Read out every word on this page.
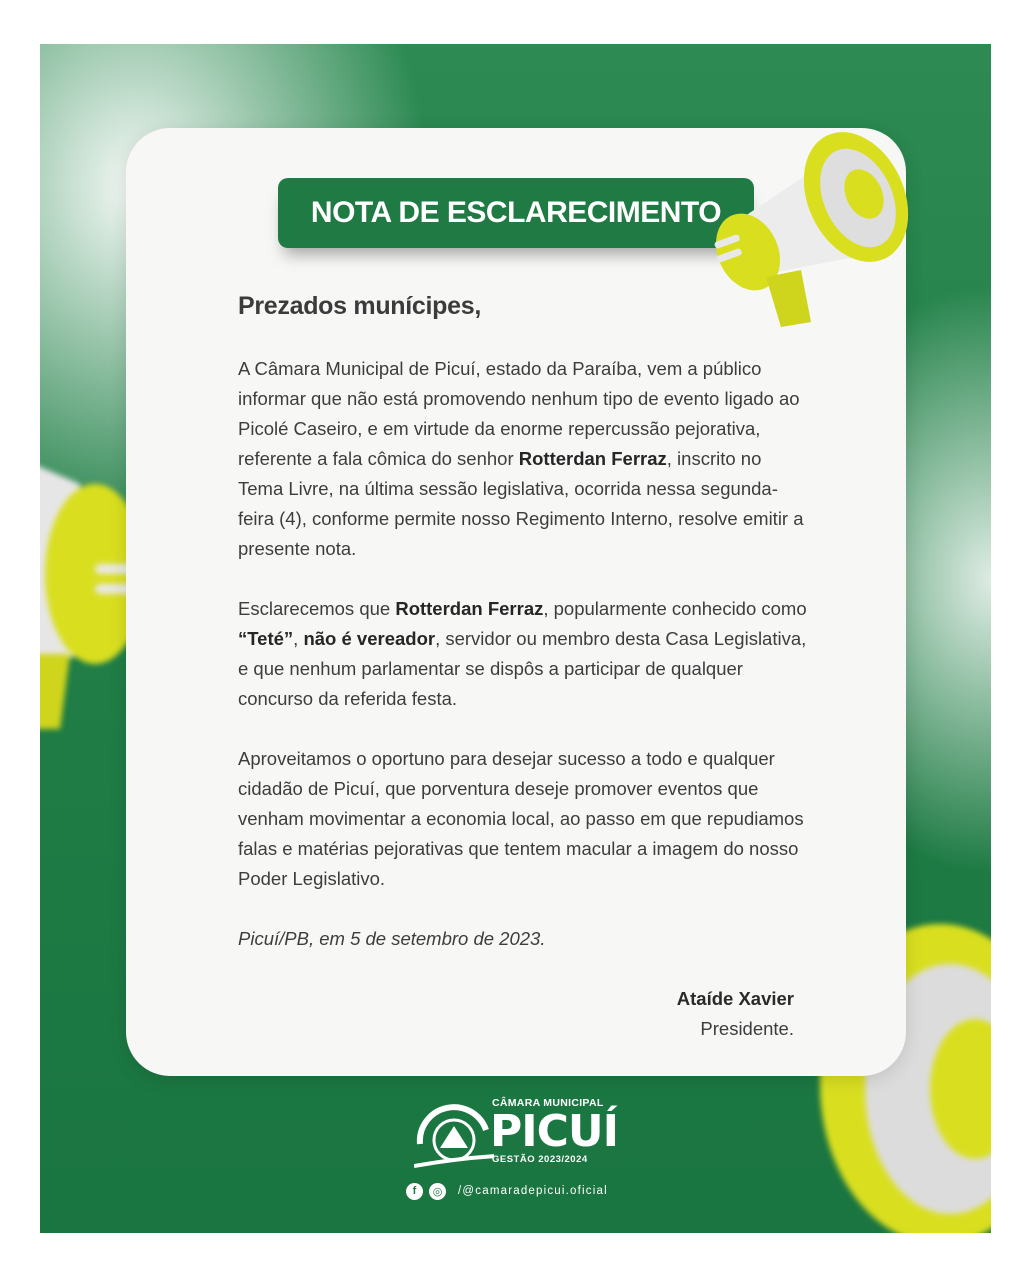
NOTA DE ESCLARECIMENTO
Prezados munícipes,

A Câmara Municipal de Picuí, estado da Paraíba, vem a público informar que não está promovendo nenhum tipo de evento ligado ao Picolé Caseiro, e em virtude da enorme repercussão pejorativa, referente a fala cômica do senhor Rotterdan Ferraz, inscrito no Tema Livre, na última sessão legislativa, ocorrida nessa segunda-feira (4), conforme permite nosso Regimento Interno, resolve emitir a presente nota.

Esclarecemos que Rotterdan Ferraz, popularmente conhecido como “Teté”, não é vereador, servidor ou membro desta Casa Legislativa, e que nenhum parlamentar se dispôs a participar de qualquer concurso da referida festa.

Aproveitamos o oportuno para desejar sucesso a todo e qualquer cidadão de Picuí, que porventura deseje promover eventos que venham movimentar a economia local, ao passo em que repudiamos falas e matérias pejorativas que tentem macular a imagem do nosso Poder Legislativo.

Picuí/PB, em 5 de setembro de 2023.

Ataíde Xavier
Presidente.
CÂMARA MUNICIPAL
PICUÍ
GESTÃO 2023/2024
f	◎	/@camaradepicui.oficial
